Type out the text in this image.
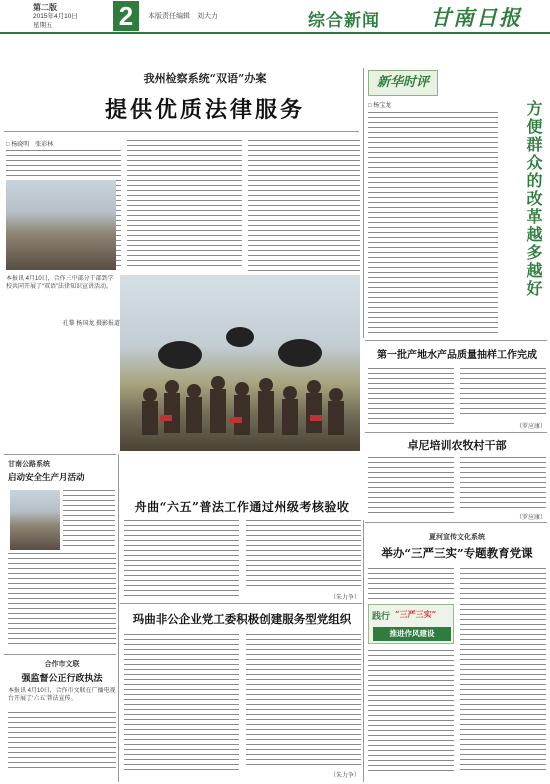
第二版
2015年4月10日
星期五	2	本版责任编辑　刘大力	综合新闻	甘南日报
我州检察系统“双语”办案
提供优质法律服务
□ 杨晓明　张彩林
本报讯 4月10日，合作三中部分干部到学校共同开展了“双语”法律知识宣讲活动。
孔黎 杨国龙 摄影报道
新华时评
□ 杨宝龙	方便群众的改革越多越好
第一批产地水产品质量抽样工作完成
（罗应康）
卓尼培训农牧村干部
（罗应康）
甘南公路系统
启动安全生产月活动
合作市文联
强监督公正行政执法
本报讯 4月10日，合作市文联在广播电视台开展了‘六五’普法宣传。
舟曲“六五”普法工作通过州级考核验收
（朱力争）
玛曲非公企业党工委积极创建服务型党组织
（朱力争）
夏河宣传文化系统
举办“三严三实”专题教育党课
践行 “三严三实”
推进作风建设
